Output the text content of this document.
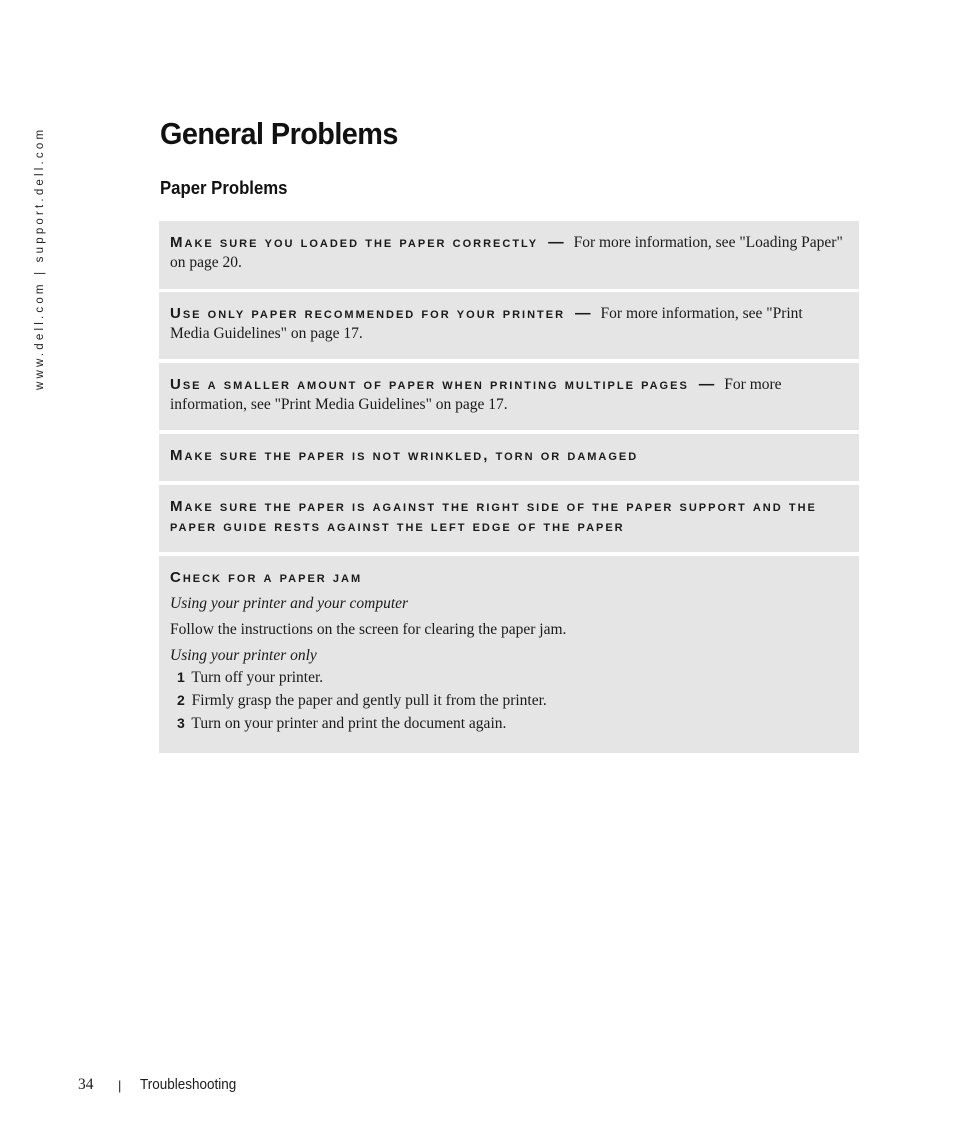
www.dell.com | support.dell.com	General Problems
Paper Problems

Make sure you loaded the paper correctly — For more information, see "Loading Paper" on page 20.

Use only paper recommended for your printer — For more information, see "Print Media Guidelines" on page 17.

Use a smaller amount of paper when printing multiple pages — For more information, see "Print Media Guidelines" on page 17.

Make sure the paper is not wrinkled, torn or damaged

Make sure the paper is against the right side of the paper support and the paper guide rests against the left edge of the paper

Check for a paper jam

Using your printer and your computer

Follow the instructions on the screen for clearing the paper jam.

Using your printer only

1 Turn off your printer.
2 Firmly grasp the paper and gently pull it from the printer.
3 Turn on your printer and print the document again.
34 | Troubleshooting
